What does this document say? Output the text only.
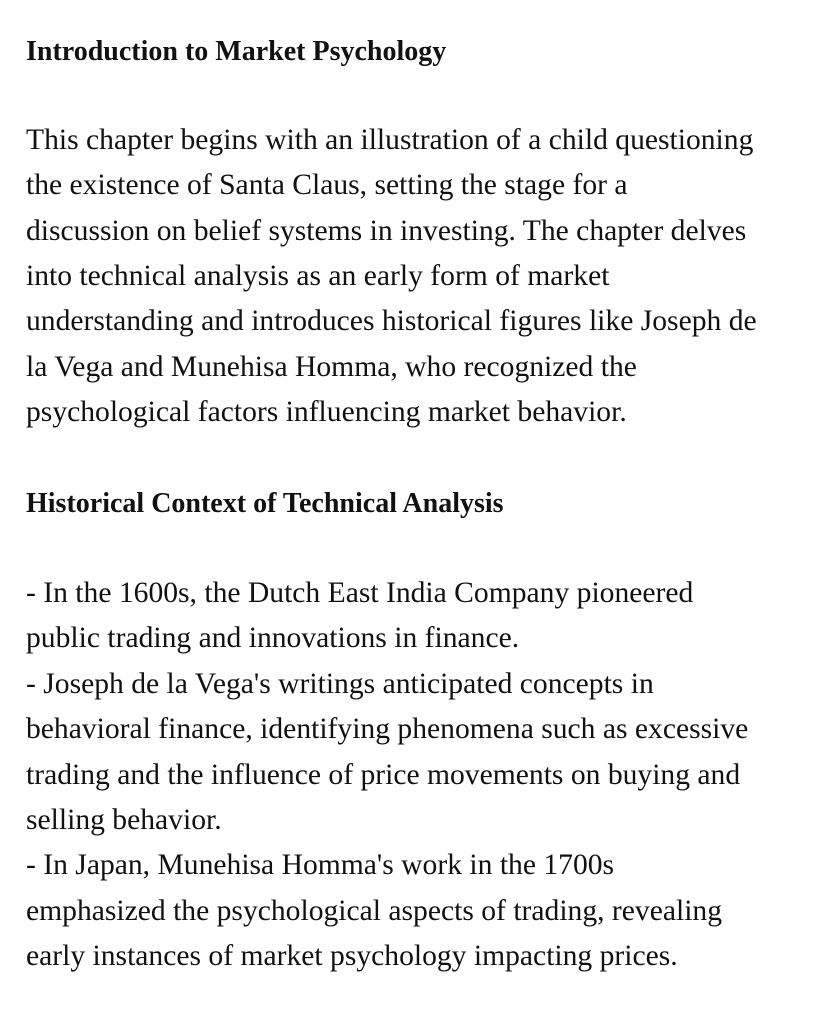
Introduction to Market Psychology
This chapter begins with an illustration of a child questioning
the existence of Santa Claus, setting the stage for a
discussion on belief systems in investing. The chapter delves
into technical analysis as an early form of market
understanding and introduces historical figures like Joseph de
la Vega and Munehisa Homma, who recognized the
psychological factors influencing market behavior.
Historical Context of Technical Analysis
- In the 1600s, the Dutch East India Company pioneered
public trading and innovations in finance.
- Joseph de la Vega's writings anticipated concepts in
behavioral finance, identifying phenomena such as excessive
trading and the influence of price movements on buying and
selling behavior.
- In Japan, Munehisa Homma's work in the 1700s
emphasized the psychological aspects of trading, revealing
early instances of market psychology impacting prices.
